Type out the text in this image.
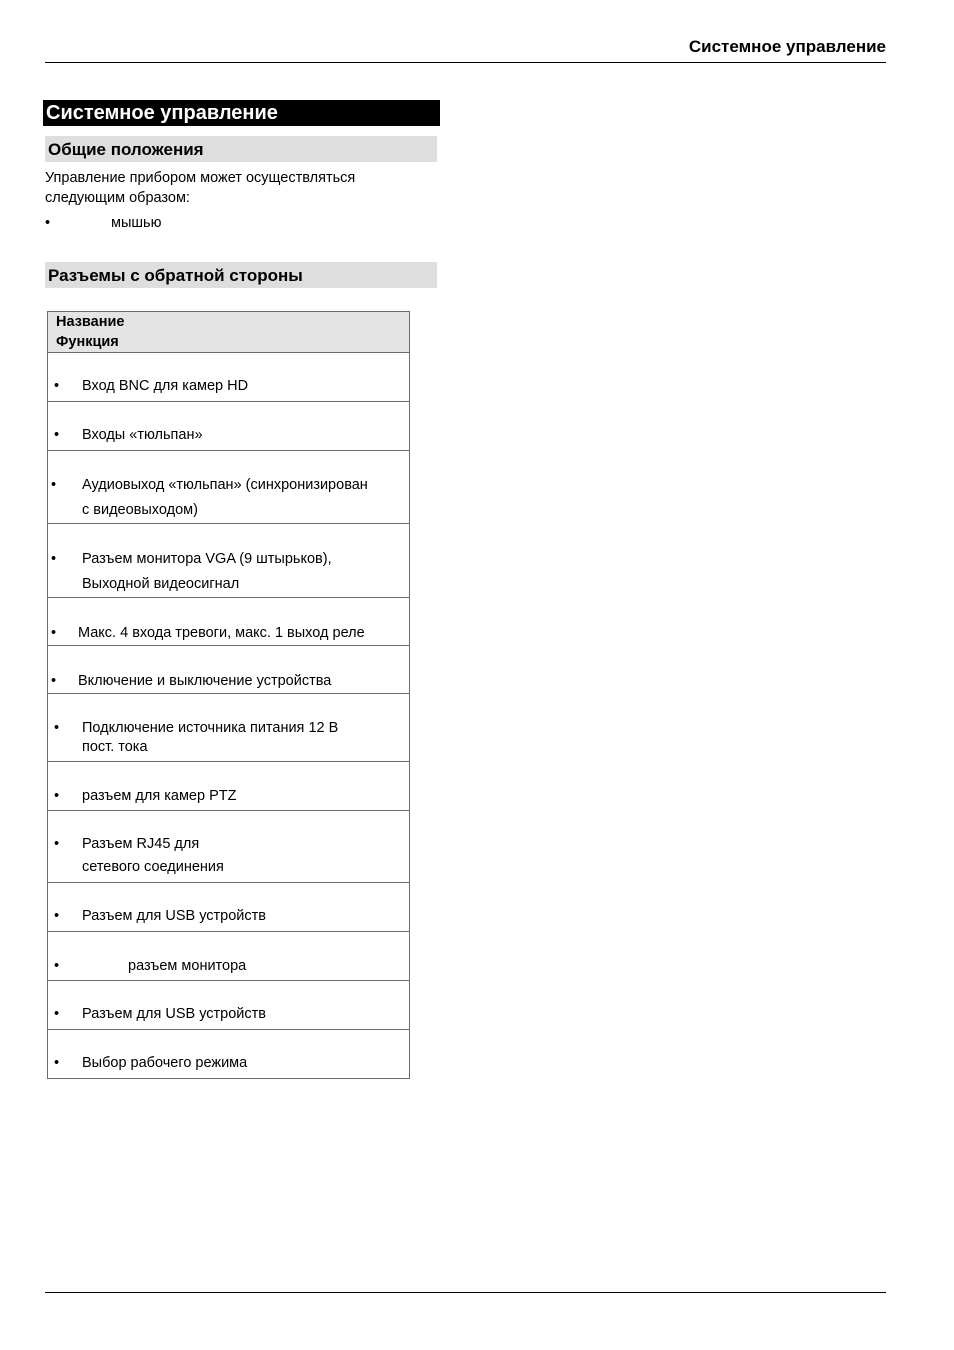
Системное управление
Системное управление
Общие положения
Управление прибором может осуществляться следующим образом:
•	мышью
Разъемы с обратной стороны
Название
Функция

• Вход BNC для камер HD

• Входы «тюльпан»

• Аудиовыход «тюльпан» (синхронизирован
с видеовыходом)

• Разъем монитора VGA (9 штырьков),
Выходной видеосигнал

• Макс. 4 входа тревоги, макс. 1 выход реле

• Включение и выключение устройства

• Подключение источника питания 12 В
пост. тока

• разъем для камер PTZ

• Разъем RJ45 для
сетевого соединения

• Разъем для USB устройств

•	разъем монитора

• Разъем для USB устройств

• Выбор рабочего режима
